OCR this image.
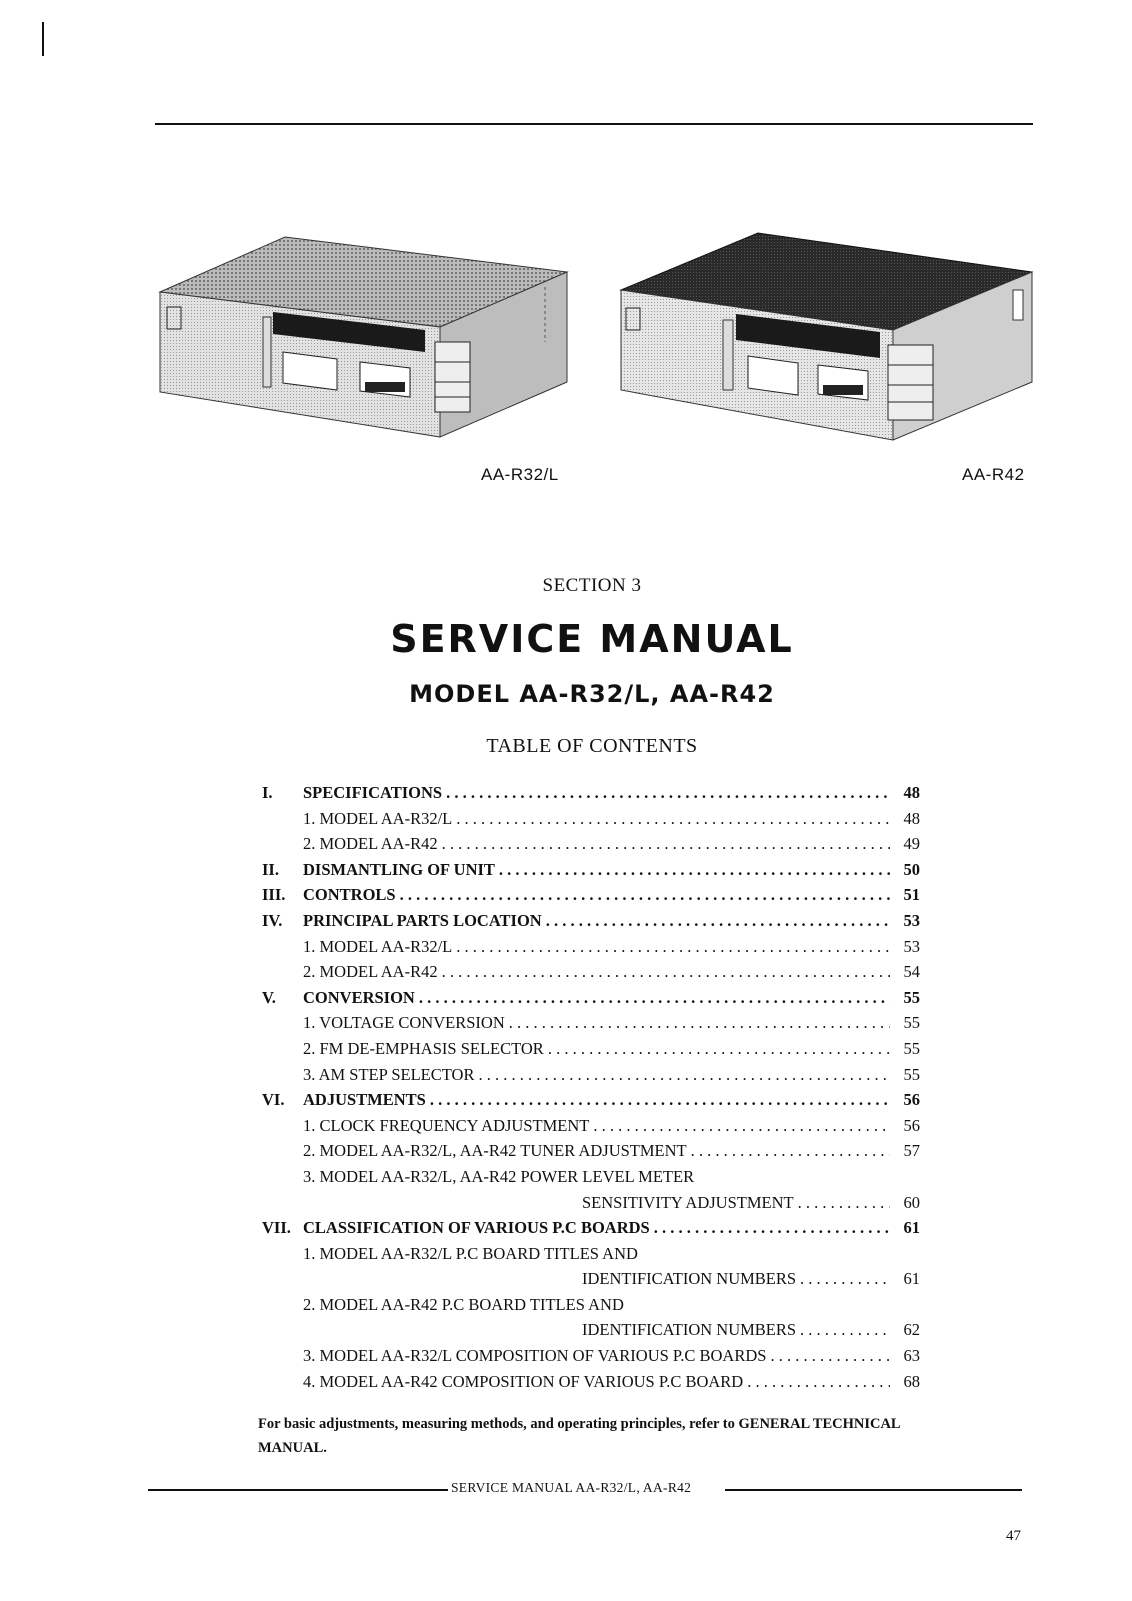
AA-R32/L	AA-R42
SECTION 3
SERVICE MANUAL
MODEL AA-R32/L, AA-R42
TABLE OF CONTENTS
I.	SPECIFICATIONS . . .	48
1. MODEL AA-R32/L . . .	48
2. MODEL AA-R42 . . .	49
II.	DISMANTLING OF UNIT . . .	50
III.	CONTROLS . . .	51
IV.	PRINCIPAL PARTS LOCATION . . .	53
1. MODEL AA-R32/L . . .	53
2. MODEL AA-R42 . . .	54
V.	CONVERSION . . .	55
1. VOLTAGE CONVERSION . . .	55
2. FM DE-EMPHASIS SELECTOR . . .	55
3. AM STEP SELECTOR . . .	55
VI.	ADJUSTMENTS . . .	56
1. CLOCK FREQUENCY ADJUSTMENT . . .	56
2. MODEL AA-R32/L, AA-R42 TUNER ADJUSTMENT . . .	57
3. MODEL AA-R32/L, AA-R42 POWER LEVEL METER
SENSITIVITY ADJUSTMENT . . .	60
VII. CLASSIFICATION OF VARIOUS P.C BOARDS . . .	61
1. MODEL AA-R32/L P.C BOARD TITLES AND
IDENTIFICATION NUMBERS . . .	61
2. MODEL AA-R42 P.C BOARD TITLES AND
IDENTIFICATION NUMBERS . . .	62
3. MODEL AA-R32/L COMPOSITION OF VARIOUS P.C BOARDS . . .	63
4. MODEL AA-R42 COMPOSITION OF VARIOUS P.C BOARD . . .	68
For basic adjustments, measuring methods, and operating principles, refer to GENERAL TECHNICAL MANUAL.
SERVICE MANUAL AA-R32/L, AA-R42
47
